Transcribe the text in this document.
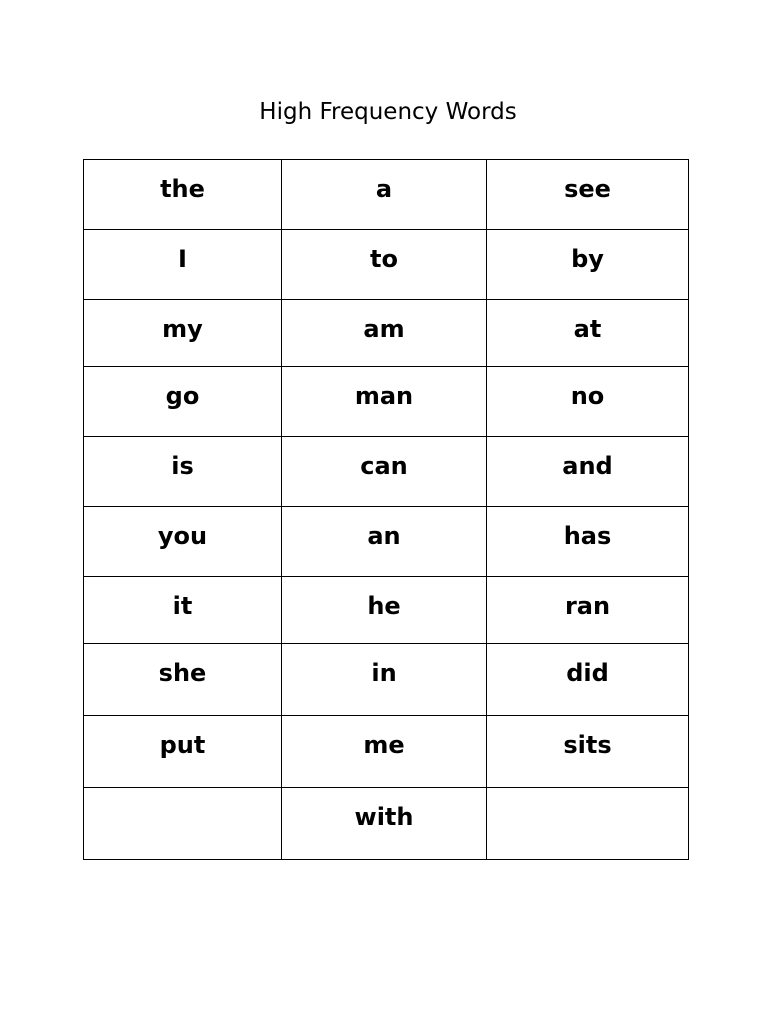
High Frequency Words
the	a	see

I	to	by

my	am	at

go	man	no

is	can	and

you	an	has

it	he	ran

she	in	did

put	me	sits

	with	
